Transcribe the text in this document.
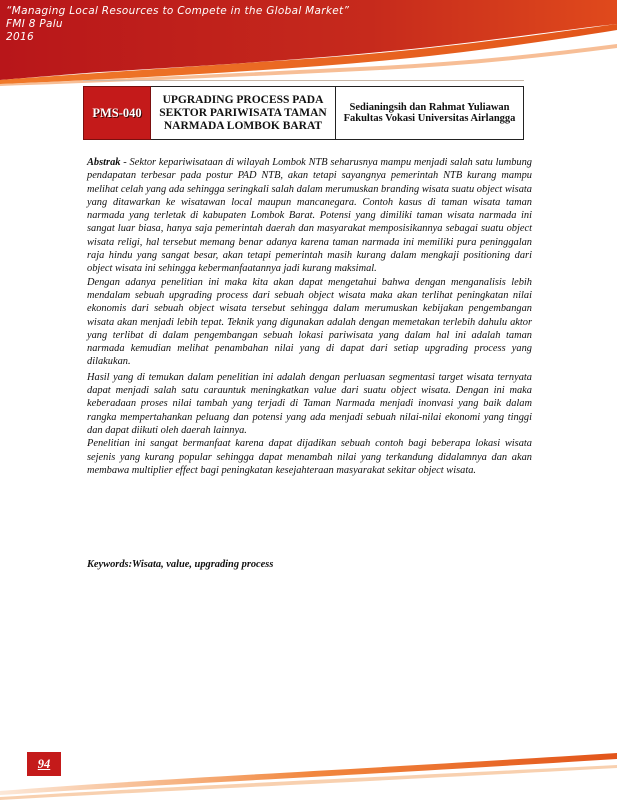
“Managing Local Resources to Compete in the Global Market”
FMI 8 Palu
2016
PMS-040
UPGRADING PROCESS PADA SEKTOR PARIWISATA TAMAN NARMADA LOMBOK BARAT
Sedianingsih dan Rahmat Yuliawan
Fakultas Vokasi Universitas Airlangga

Abstrak - Sektor kepariwisataan di wilayah Lombok NTB seharusnya mampu menjadi salah satu lumbung pendapatan terbesar pada postur PAD NTB, akan tetapi sayangnya pemerintah NTB kurang mampu melihat celah yang ada sehingga seringkali salah dalam merumuskan branding wisata suatu object wisata yang ditawarkan ke wisatawan local maupun mancanegara. Contoh kasus di taman wisata taman narmada yang terletak di kabupaten Lombok Barat. Potensi yang dimiliki taman wisata narmada ini sangat luar biasa, hanya saja pemerintah daerah dan masyarakat memposisikannya sebagai suatu object wisata religi, hal tersebut memang benar adanya karena taman narmada ini memiliki pura peninggalan raja hindu yang sangat besar, akan tetapi pemerintah masih kurang dalam mengkaji positioning dari object wisata ini sehingga kebermanfaatannya jadi kurang maksimal.

Dengan adanya penelitian ini maka kita akan dapat mengetahui bahwa dengan menganalisis lebih mendalam sebuah upgrading process dari sebuah object wisata maka akan terlihat peningkatan nilai ekonomis dari sebuah object wisata tersebut sehingga dalam merumuskan kebijakan pengembangan wisata akan menjadi lebih tepat. Teknik yang digunakan adalah dengan memetakan terlebih dahulu aktor yang terlibat di dalam pengembangan sebuah lokasi pariwisata yang dalam hal ini adalah taman narmada kemudian melihat penambahan nilai yang di dapat dari setiap upgrading process yang dilakukan.

Hasil yang di temukan dalam penelitian ini adalah dengan perluasan segmentasi target wisata ternyata dapat menjadi salah satu carauntuk meningkatkan value dari suatu object wisata. Dengan ini maka keberadaan proses nilai tambah yang terjadi di Taman Narmada menjadi inonvasi yang baik dalam rangka mempertahankan peluang dan potensi yang ada menjadi sebuah nilai-nilai ekonomi yang tinggi dan dapat diikuti oleh daerah lainnya.

Penelitian ini sangat bermanfaat karena dapat dijadikan sebuah contoh bagi beberapa lokasi wisata sejenis yang kurang popular sehingga dapat menambah nilai yang terkandung didalamnya dan akan membawa multiplier effect bagi peningkatan kesejahteraan masyarakat sekitar object wisata.

Keywords:Wisata, value, upgrading process
94
